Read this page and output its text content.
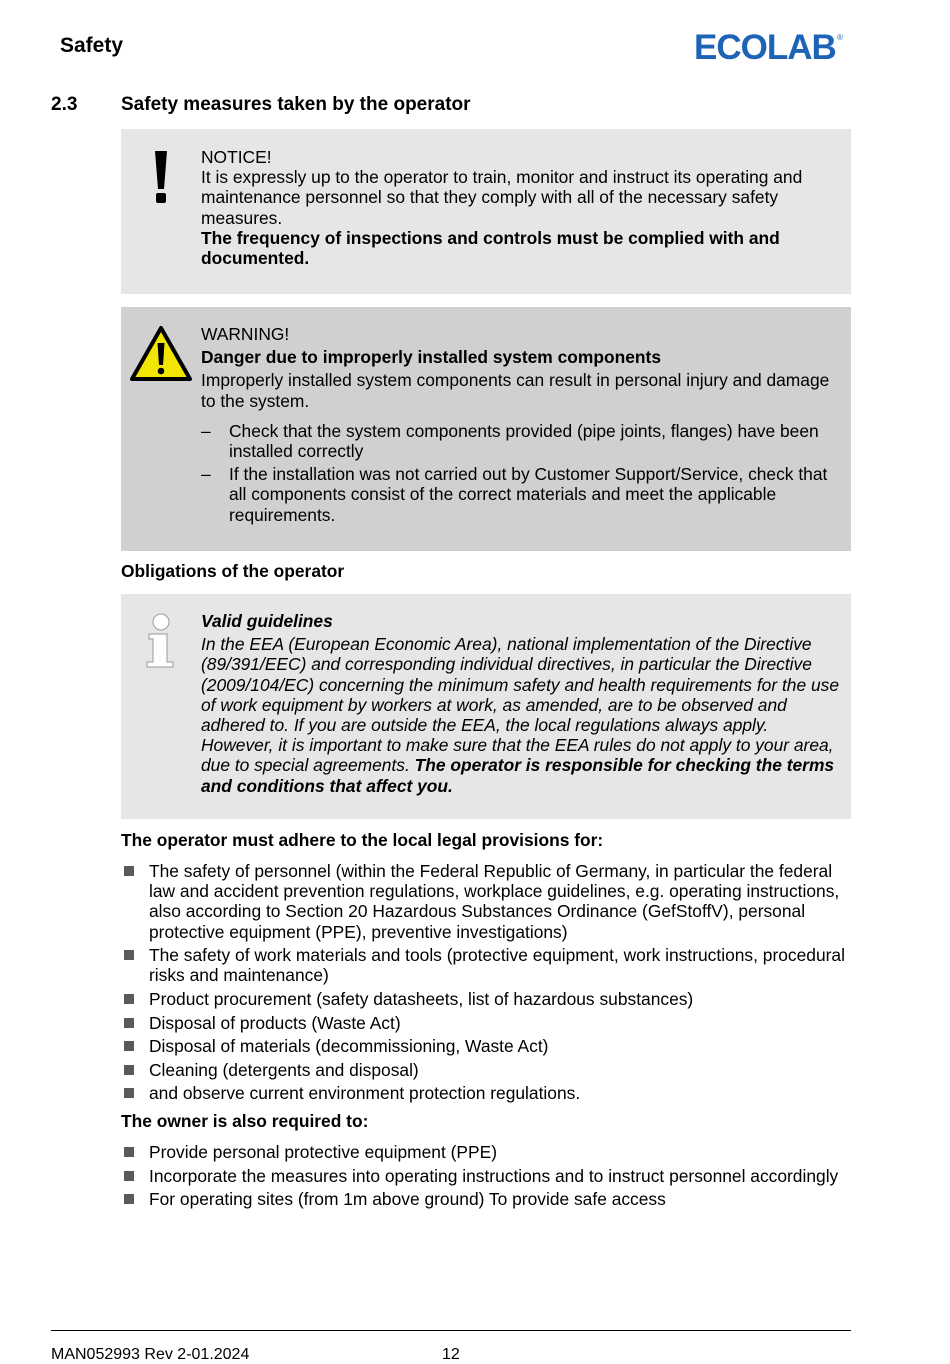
Safety	ECOLAB ®
2.3 Safety measures taken by the operator
NOTICE!
It is expressly up to the operator to train, monitor and instruct its operating and maintenance personnel so that they comply with all of the necessary safety measures.
The frequency of inspections and controls must be complied with and documented.
WARNING!
Danger due to improperly installed system components
Improperly installed system components can result in personal injury and damage to the system.
– Check that the system components provided (pipe joints, flanges) have been installed correctly
– If the installation was not carried out by Customer Support/Service, check that all components consist of the correct materials and meet the applicable requirements.
Obligations of the operator
Valid guidelines
In the EEA (European Economic Area), national implementation of the Directive (89/391/EEC) and corresponding individual directives, in particular the Directive (2009/104/EC) concerning the minimum safety and health requirements for the use of work equipment by workers at work, as amended, are to be observed and adhered to. If you are outside the EEA, the local regulations always apply. However, it is important to make sure that the EEA rules do not apply to your area, due to special agreements. The operator is responsible for checking the terms and conditions that affect you.
The operator must adhere to the local legal provisions for:
The safety of personnel (within the Federal Republic of Germany, in particular the federal law and accident prevention regulations, workplace guidelines, e.g. operating instructions, also according to Section 20 Hazardous Substances Ordinance (GefStoffV), personal protective equipment (PPE), preventive investigations)
The safety of work materials and tools (protective equipment, work instructions, procedural risks and maintenance)
Product procurement (safety datasheets, list of hazardous substances)
Disposal of products (Waste Act)
Disposal of materials (decommissioning, Waste Act)
Cleaning (detergents and disposal)
and observe current environment protection regulations.
The owner is also required to:
Provide personal protective equipment (PPE)
Incorporate the measures into operating instructions and to instruct personnel accordingly
For operating sites (from 1m above ground) To provide safe access
MAN052993 Rev 2-01.2024	12
